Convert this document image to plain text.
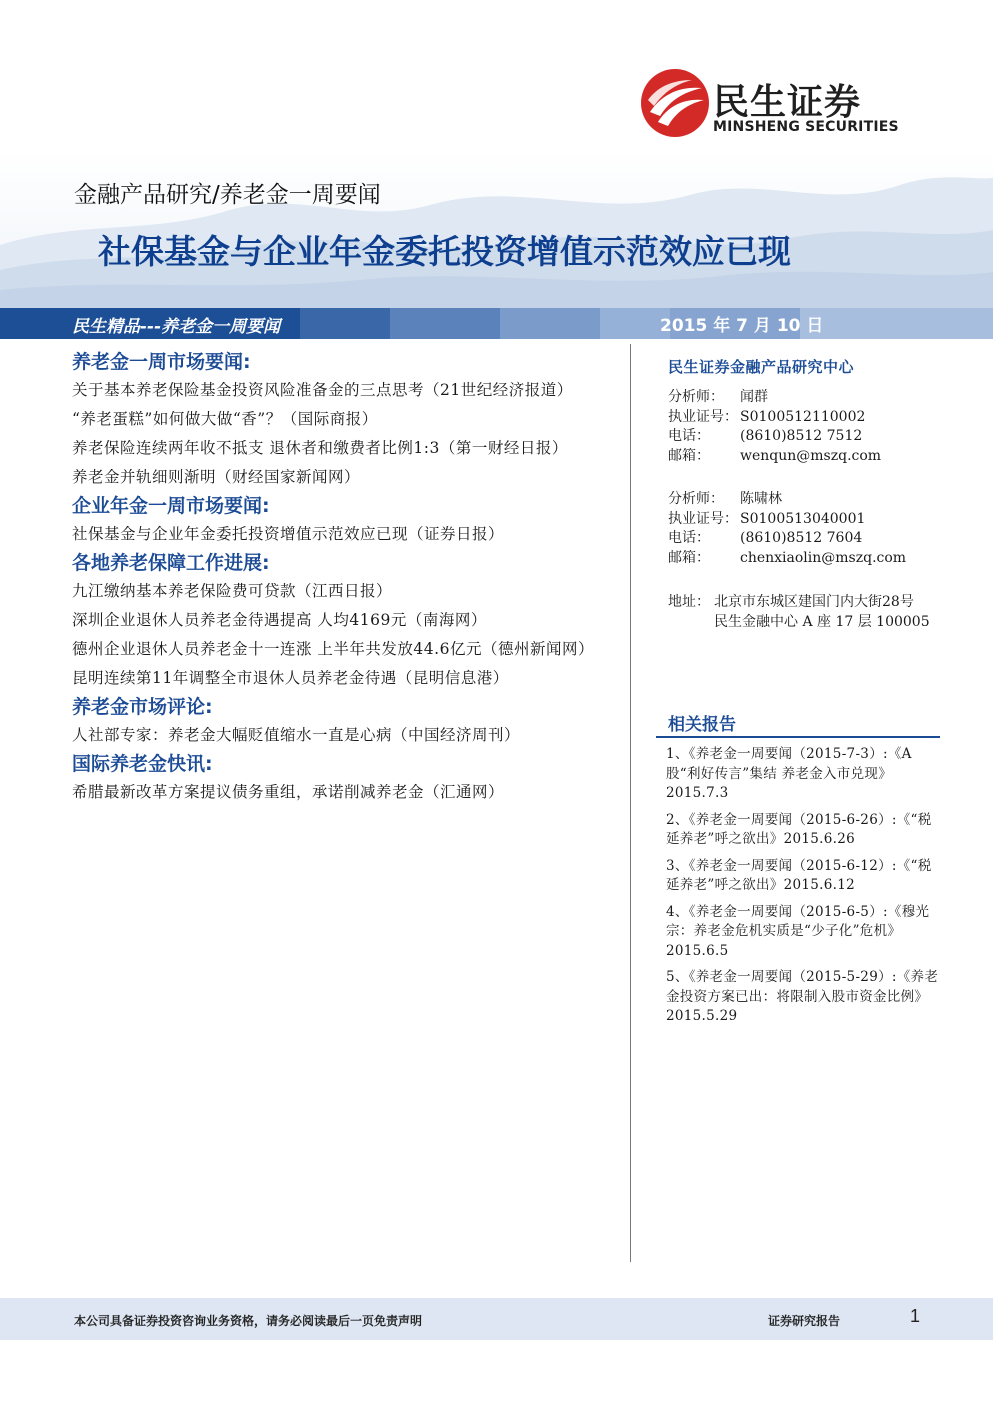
民生证券
MINSHENG SECURITIES
金融产品研究/养老金一周要闻
社保基金与企业年金委托投资增值示范效应已现
民生精品---养老金一周要闻	2015 年 7 月 10 日
养老金一周市场要闻:
关于基本养老保险基金投资风险准备金的三点思考（21世纪经济报道）
“养老蛋糕”如何做大做“香”？（国际商报）
养老保险连续两年收不抵支 退休者和缴费者比例1:3（第一财经日报）
养老金并轨细则渐明（财经国家新闻网）
企业年金一周市场要闻:
社保基金与企业年金委托投资增值示范效应已现（证券日报）
各地养老保障工作进展:
九江缴纳基本养老保险费可贷款（江西日报）
深圳企业退休人员养老金待遇提高 人均4169元（南海网）
德州企业退休人员养老金十一连涨 上半年共发放44.6亿元（德州新闻网）
昆明连续第11年调整全市退休人员养老金待遇（昆明信息港）
养老金市场评论:
人社部专家：养老金大幅贬值缩水一直是心病（中国经济周刊）
国际养老金快讯:
希腊最新改革方案提议债务重组，承诺削减养老金（汇通网）
民生证券金融产品研究中心
分析师： 闻群
执业证号： S0100512110002
电话： (8610)8512 7512
邮箱： wenqun@mszq.com
分析师： 陈啸林
执业证号： S0100513040001
电话： (8610)8512 7604
邮箱： chenxiaolin@mszq.com
地址： 北京市东城区建国门内大街28号
民生金融中心 A 座 17 层 100005
相关报告
1、《养老金一周要闻（2015-7-3）:《A 股“利好传言”集结 养老金入市兑现》2015.7.3
2、《养老金一周要闻（2015-6-26）:《“税延养老”呼之欲出》2015.6.26
3、《养老金一周要闻（2015-6-12）:《“税延养老”呼之欲出》2015.6.12
4、《养老金一周要闻（2015-6-5）:《穆光宗：养老金危机实质是“少子化”危机》2015.6.5
5、《养老金一周要闻（2015-5-29）:《养老金投资方案已出：将限制入股市资金比例》2015.5.29
本公司具备证券投资咨询业务资格，请务必阅读最后一页免责声明	证券研究报告	1
